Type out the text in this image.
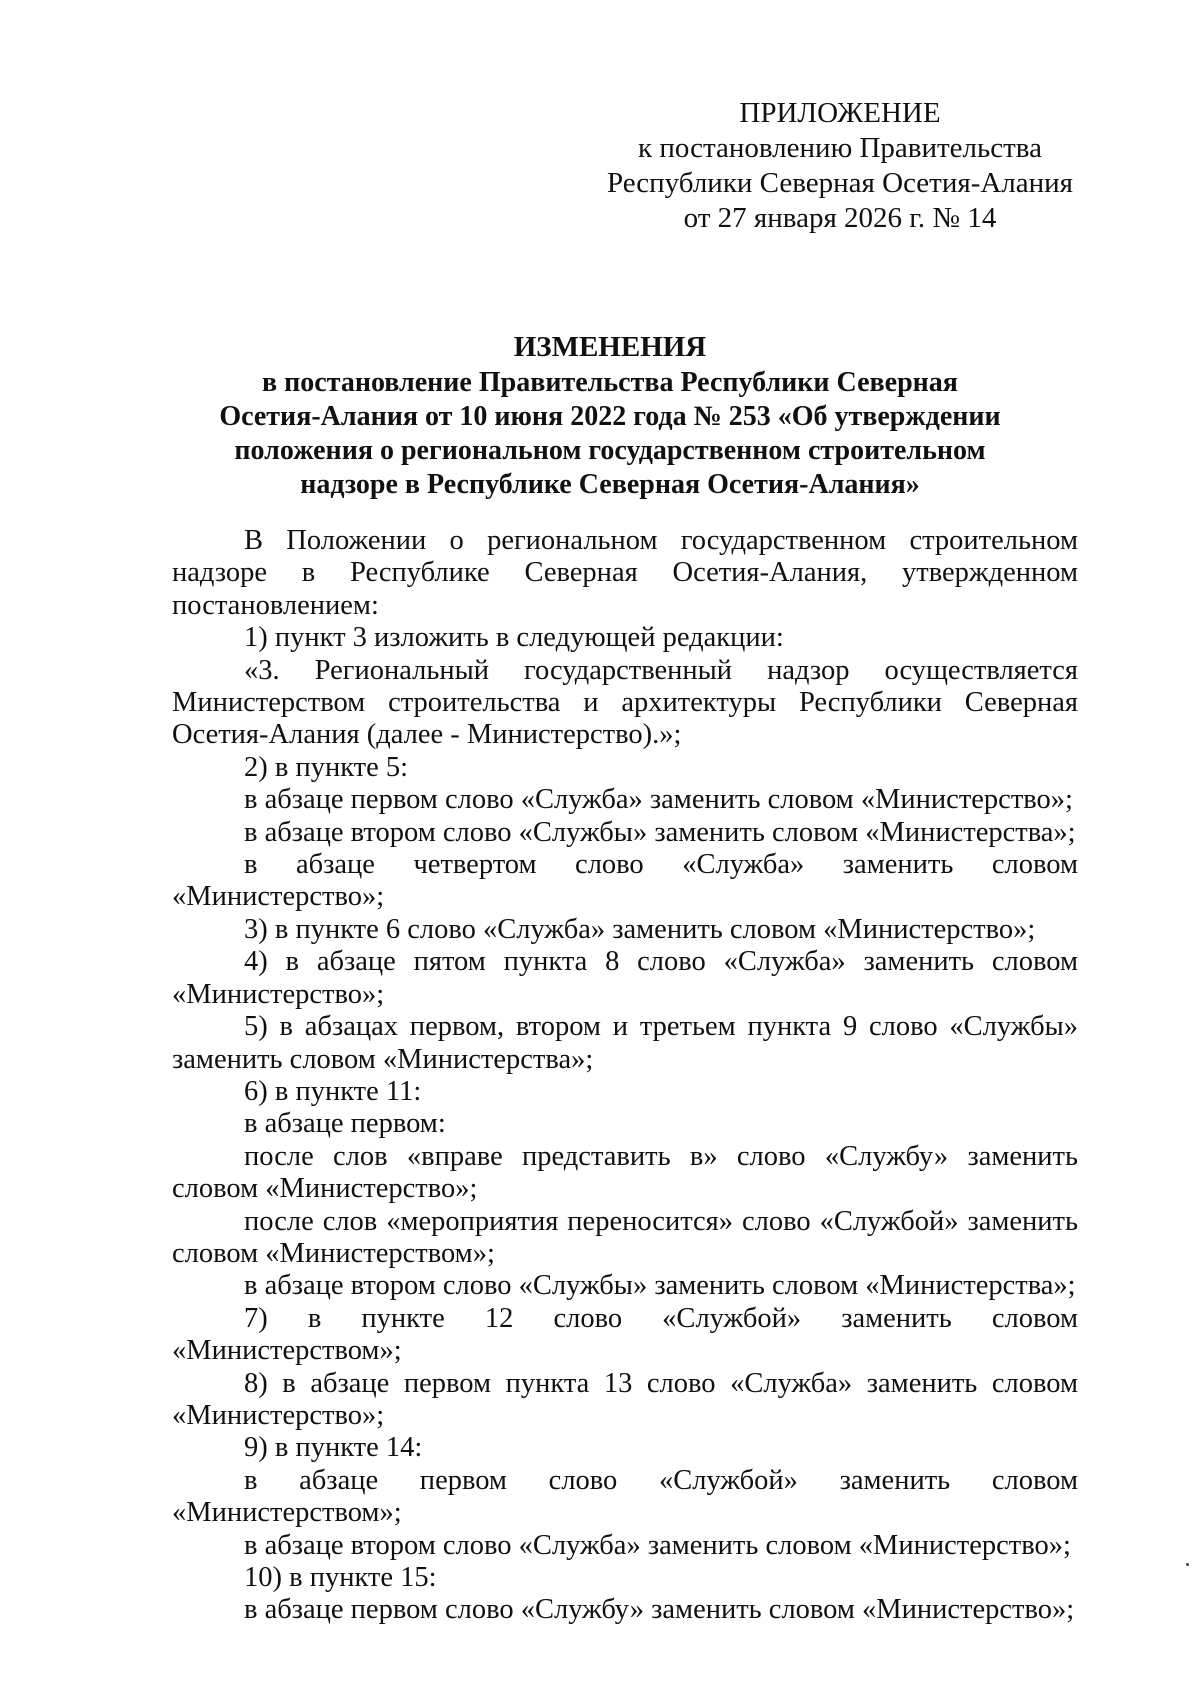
ПРИЛОЖЕНИЕ
к постановлению Правительства
Республики Северная Осетия-Алания
от 27 января 2026 г. № 14
ИЗМЕНЕНИЯ
в постановление Правительства Республики Северная
Осетия-Алания от 10 июня 2022 года № 253 «Об утверждении
положения о региональном государственном строительном
надзоре в Республике Северная Осетия-Алания»

В Положении о региональном государственном строительном надзоре в Республике Северная Осетия-Алания, утвержденном постановлением:

1) пункт 3 изложить в следующей редакции:

«3. Региональный государственный надзор осуществляется Министерством строительства и архитектуры Республики Северная Осетия-Алания (далее - Министерство).»;

2) в пункте 5:

в абзаце первом слово «Служба» заменить словом «Министерство»;

в абзаце втором слово «Службы» заменить словом «Министерства»;

в абзаце четвертом слово «Служба» заменить словом «Министерство»;

3) в пункте 6 слово «Служба» заменить словом «Министерство»;

4) в абзаце пятом пункта 8 слово «Служба» заменить словом «Министерство»;

5) в абзацах первом, втором и третьем пункта 9 слово «Службы» заменить словом «Министерства»;

6) в пункте 11:

в абзаце первом:

после слов «вправе представить в» слово «Службу» заменить словом «Министерство»;

после слов «мероприятия переносится» слово «Службой» заменить словом «Министерством»;

в абзаце втором слово «Службы» заменить словом «Министерства»;

7) в пункте 12 слово «Службой» заменить словом «Министерством»;

8) в абзаце первом пункта 13 слово «Служба» заменить словом «Министерство»;

9) в пункте 14:

в абзаце первом слово «Службой» заменить словом «Министерством»;

в абзаце втором слово «Служба» заменить словом «Министерство»;

10) в пункте 15:

в абзаце первом слово «Службу» заменить словом «Министерство»;
